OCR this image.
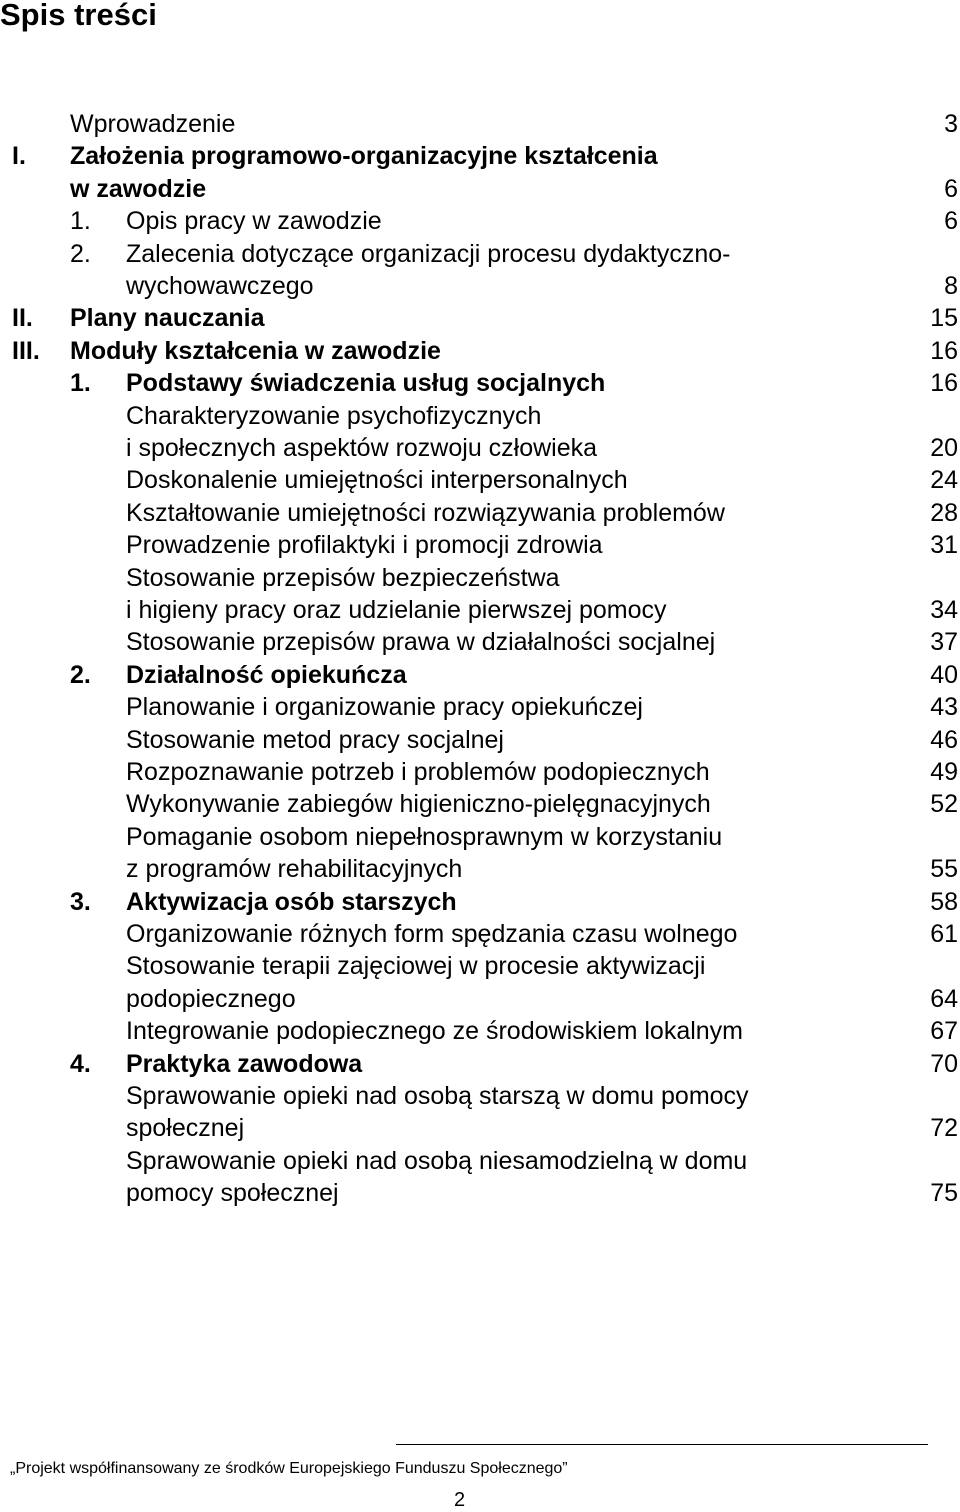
Spis treści
Wprowadzenie	3
I. Założenia programowo-organizacyjne kształcenia
w zawodzie	6
1. Opis pracy w zawodzie	6
2. Zalecenia dotyczące organizacji procesu dydaktyczno-
wychowawczego	8
II. Plany nauczania	15
III. Moduły kształcenia w zawodzie	16
1. Podstawy świadczenia usług socjalnych	16
Charakteryzowanie psychofizycznych
i społecznych aspektów rozwoju człowieka	20
Doskonalenie umiejętności interpersonalnych	24
Kształtowanie umiejętności rozwiązywania problemów	28
Prowadzenie profilaktyki i promocji zdrowia	31
Stosowanie przepisów bezpieczeństwa
i higieny pracy oraz udzielanie pierwszej pomocy	34
Stosowanie przepisów prawa w działalności socjalnej	37
2. Działalność opiekuńcza	40
Planowanie i organizowanie pracy opiekuńczej	43
Stosowanie metod pracy socjalnej	46
Rozpoznawanie potrzeb i problemów podopiecznych	49
Wykonywanie zabiegów higieniczno-pielęgnacyjnych	52
Pomaganie osobom niepełnosprawnym w korzystaniu
z programów rehabilitacyjnych	55
3. Aktywizacja osób starszych	58
Organizowanie różnych form spędzania czasu wolnego	61
Stosowanie terapii zajęciowej w procesie aktywizacji
podopiecznego	64
Integrowanie podopiecznego ze środowiskiem lokalnym	67
4. Praktyka zawodowa	70
Sprawowanie opieki nad osobą starszą w domu pomocy
społecznej	72
Sprawowanie opieki nad osobą niesamodzielną w domu
pomocy społecznej	75
„Projekt współfinansowany ze środków Europejskiego Funduszu Społecznego”
2
